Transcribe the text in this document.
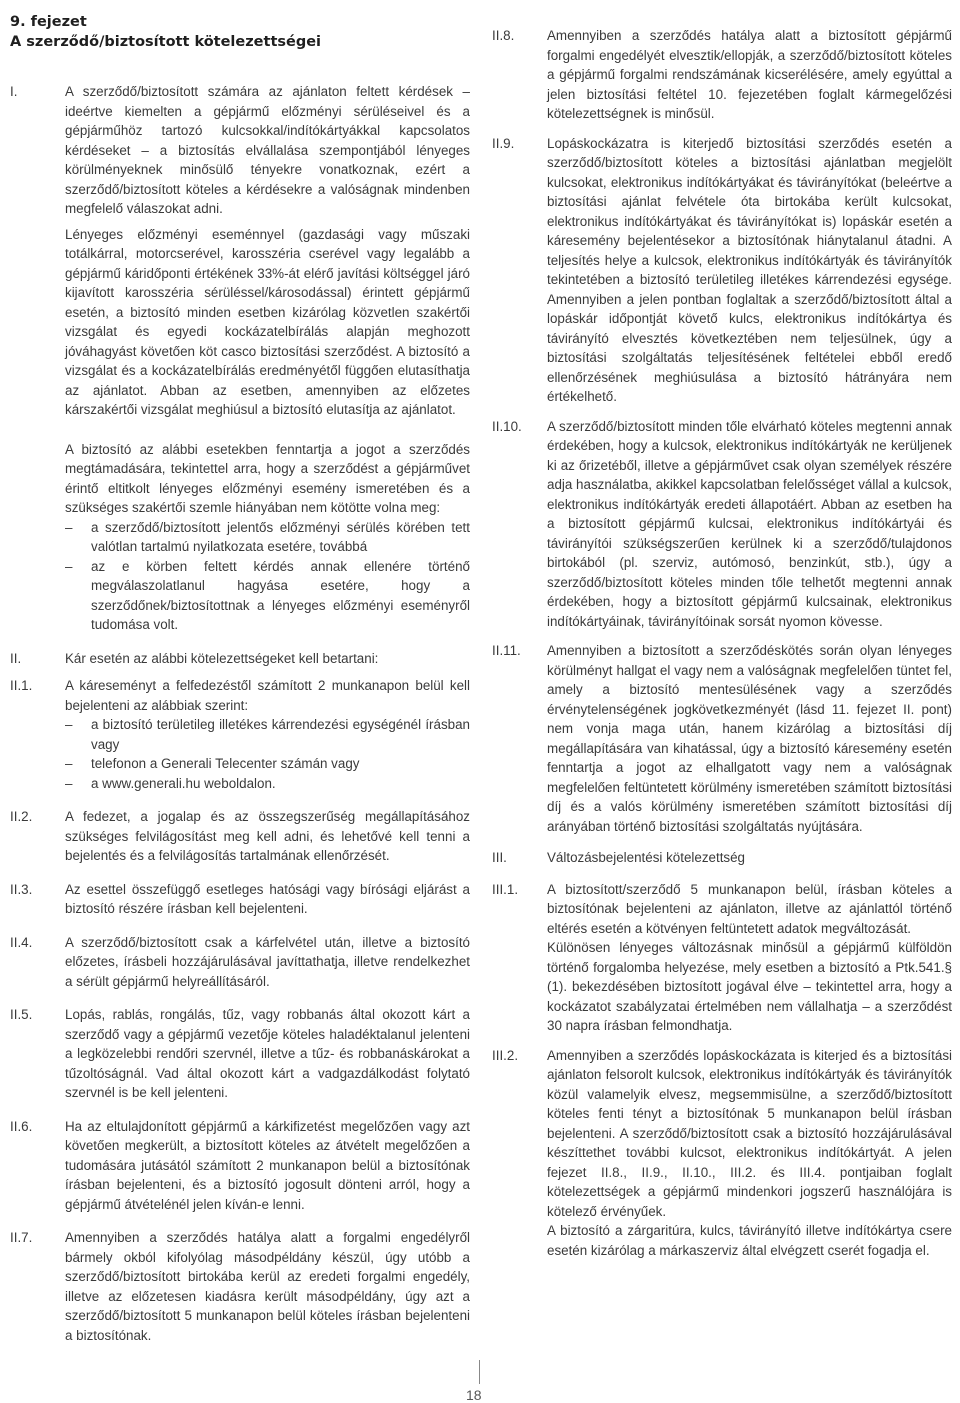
9. fejezet
A szerződő/biztosított kötelezettségei
I.	A szerződő/biztosított számára az ajánlaton feltett kérdések – ideértve kiemelten a gépjármű előzményi sérüléseivel és a gépjárműhöz tartozó kulcsokkal/indítókártyákkal kapcsolatos kérdéseket – a biztosítás elvállalása szempontjából lényeges körülményeknek minősülő tényekre vonatkoznak, ezért a szerződő/biztosított köteles a kérdésekre a valóságnak mindenben megfelelő válaszokat adni.

Lényeges előzményi eseménnyel (gazdasági vagy műszaki totálkárral, motorcserével, karosszéria cserével vagy legalább a gépjármű káridőponti értékének 33%-át elérő javítási költséggel járó kijavított karosszéria sérüléssel/károsodással) érintett gépjármű esetén, a biztosító minden esetben kizárólag közvetlen szakértői vizsgálat és egyedi kockázatelbírálás alapján meghozott jóváhagyást követően köt casco biztosítási szerződést. A biztosító a vizsgálat és a kockázatelbírálás eredményétől függően elutasíthatja az ajánlatot. Abban az esetben, amennyiben az előzetes kárszakértői vizsgálat meghiúsul a biztosító elutasítja az ajánlatot.

A biztosító az alábbi esetekben fenntartja a jogot a szerződés megtámadására, tekintettel arra, hogy a szerződést a gépjárművet érintő eltitkolt lényeges előzményi esemény ismeretében és a szükséges szakértői szemle hiányában nem kötötte volna meg:

–	a szerződő/biztosított jelentős előzményi sérülés körében tett valótlan tartalmú nyilatkozata esetére, továbbá
–	az e körben feltett kérdés annak ellenére történő megválaszolatlanul hagyása esetére, hogy a szerződőnek/biztosítottnak a lényeges előzményi eseményről tudomása volt.
II.	Kár esetén az alábbi kötelezettségeket kell betartani:

II.1.	A káreseményt a felfedezéstől számított 2 munkanapon belül kell bejelenteni az alábbiak szerint:

–	a biztosító területileg illetékes kárrendezési egységénél írásban vagy
–	telefonon a Generali Telecenter számán vagy
–	a www.generali.hu weboldalon.
II.2.	A fedezet, a jogalap és az összegszerűség megállapításához szükséges felvilágosítást meg kell adni, és lehetővé kell tenni a bejelentés és a felvilágosítás tartalmának ellenőrzését.

II.3.	Az esettel összefüggő esetleges hatósági vagy bírósági eljárást a biztosító részére írásban kell bejelenteni.

II.4.	A szerződő/biztosított csak a kárfelvétel után, illetve a biztosító előzetes, írásbeli hozzájárulásával javíttathatja, illetve rendelkezhet a sérült gépjármű helyreállításáról.

II.5.	Lopás, rablás, rongálás, tűz, vagy robbanás által okozott kárt a szerződő vagy a gépjármű vezetője köteles haladéktalanul jelenteni a legközelebbi rendőri szervnél, illetve a tűz- és robbanáskárokat a tűzoltóságnál. Vad által okozott kárt a vadgazdálkodást folytató szervnél is be kell jelenteni.

II.6.	Ha az eltulajdonított gépjármű a kárkifizetést megelőzően vagy azt követően megkerült, a biztosított köteles az átvételt megelőzően a tudomására jutásától számított 2 munkanapon belül a biztosítónak írásban bejelenteni, és a biztosító jogosult dönteni arról, hogy a gépjármű átvételénél jelen kíván-e lenni.

II.7.	Amennyiben a szerződés hatálya alatt a forgalmi engedélyről bármely okból kifolyólag másodpéldány készül, úgy utóbb a szerződő/biztosított birtokába kerül az eredeti forgalmi engedély, illetve az előzetesen kiadásra került másodpéldány, úgy azt a szerződő/biztosított 5 munkanapon belül köteles írásban bejelenteni a biztosítónak.

II.8.	Amennyiben a szerződés hatálya alatt a biztosított gépjármű forgalmi engedélyét elvesztik/ellopják, a szerződő/biztosított köteles a gépjármű forgalmi rendszámának kicserélésére, amely egyúttal a jelen biztosítási feltétel 10. fejezetében foglalt kármegelőzési kötelezettségnek is minősül.

II.9.	Lopáskockázatra is kiterjedő biztosítási szerződés esetén a szerződő/biztosított köteles a biztosítási ajánlatban megjelölt kulcsokat, elektronikus indítókártyákat és távirányítókat (beleértve a biztosítási ajánlat felvétele óta birtokába került kulcsokat, elektronikus indítókártyákat és távirányítókat is) lopáskár esetén a káresemény bejelentésekor a biztosítónak hiánytalanul átadni. A teljesítés helye a kulcsok, elektronikus indítókártyák és távirányítók tekintetében a biztosító területileg illetékes kárrendezési egysége. Amennyiben a jelen pontban foglaltak a szerződő/biztosított által a lopáskár időpontját követő kulcs, elektronikus indítókártya és távirányító elvesztés következtében nem teljesülnek, úgy a biztosítási szolgáltatás teljesítésének feltételei ebből eredő ellenőrzésének meghiúsulása a biztosító hátrányára nem értékelhető.

II.10.	A szerződő/biztosított minden tőle elvárható köteles megtenni annak érdekében, hogy a kulcsok, elektronikus indítókártyák ne kerüljenek ki az őrizetéből, illetve a gépjárművet csak olyan személyek részére adja használatba, akikkel kapcsolatban felelősséget vállal a kulcsok, elektronikus indítókártyák eredeti állapotáért. Abban az esetben ha a biztosított gépjármű kulcsai, elektronikus indítókártyái és távirányítói szükségszerűen kerülnek ki a szerződő/tulajdonos birtokából (pl. szerviz, autómosó, benzinkút, stb.), úgy a szerződő/biztosított köteles minden tőle telhetőt megtenni annak érdekében, hogy a biztosított gépjármű kulcsainak, elektronikus indítókártyáinak, távirányítóinak sorsát nyomon kövesse.

II.11.	Amennyiben a biztosított a szerződéskötés során olyan lényeges körülményt hallgat el vagy nem a valóságnak megfelelően tüntet fel, amely a biztosító mentesülésének vagy a szerződés érvénytelenségének jogkövetkezményét (lásd 11. fejezet II. pont) nem vonja maga után, hanem kizárólag a biztosítási díj megállapítására van kihatással, úgy a biztosító káresemény esetén fenntartja a jogot az elhallgatott vagy nem a valóságnak megfelelően feltüntetett körülmény ismeretében számított biztosítási díj és a valós körülmény ismeretében számított biztosítási díj arányában történő biztosítási szolgáltatás nyújtására.

III.	Változásbejelentési kötelezettség

III.1.	A biztosított/szerződő 5 munkanapon belül, írásban köteles a biztosítónak bejelenteni az ajánlaton, illetve az ajánlattól történő eltérés esetén a kötvényen feltüntetett adatok megváltozását.

Különösen lényeges változásnak minősül a gépjármű külföldön történő forgalomba helyezése, mely esetben a biztosító a Ptk.541.§ (1). bekezdésében biztosított jogával élve – tekintettel arra, hogy a kockázatot szabályzatai értelmében nem vállalhatja – a szerződést 30 napra írásban felmondhatja.

III.2.	Amennyiben a szerződés lopáskockázata is kiterjed és a biztosítási ajánlaton felsorolt kulcsok, elektronikus indítókártyák és távirányítók közül valamelyik elvesz, megsemmisülne, a szerződő/biztosított köteles fenti tényt a biztosítónak 5 munkanapon belül írásban bejelenteni. A szerződő/biztosított csak a biztosító hozzájárulásával készíttethet további kulcsot, elektronikus indítókártyát. A jelen fejezet II.8., II.9., II.10., III.2. és III.4. pontjaiban foglalt kötelezettségek a gépjármű mindenkori jogszerű használójára is kötelező érvényűek.

A biztosító a zárgaritúra, kulcs, távirányító illetve indítókártya csere esetén kizárólag a márkaszerviz által elvégzett cserét fogadja el.

18
